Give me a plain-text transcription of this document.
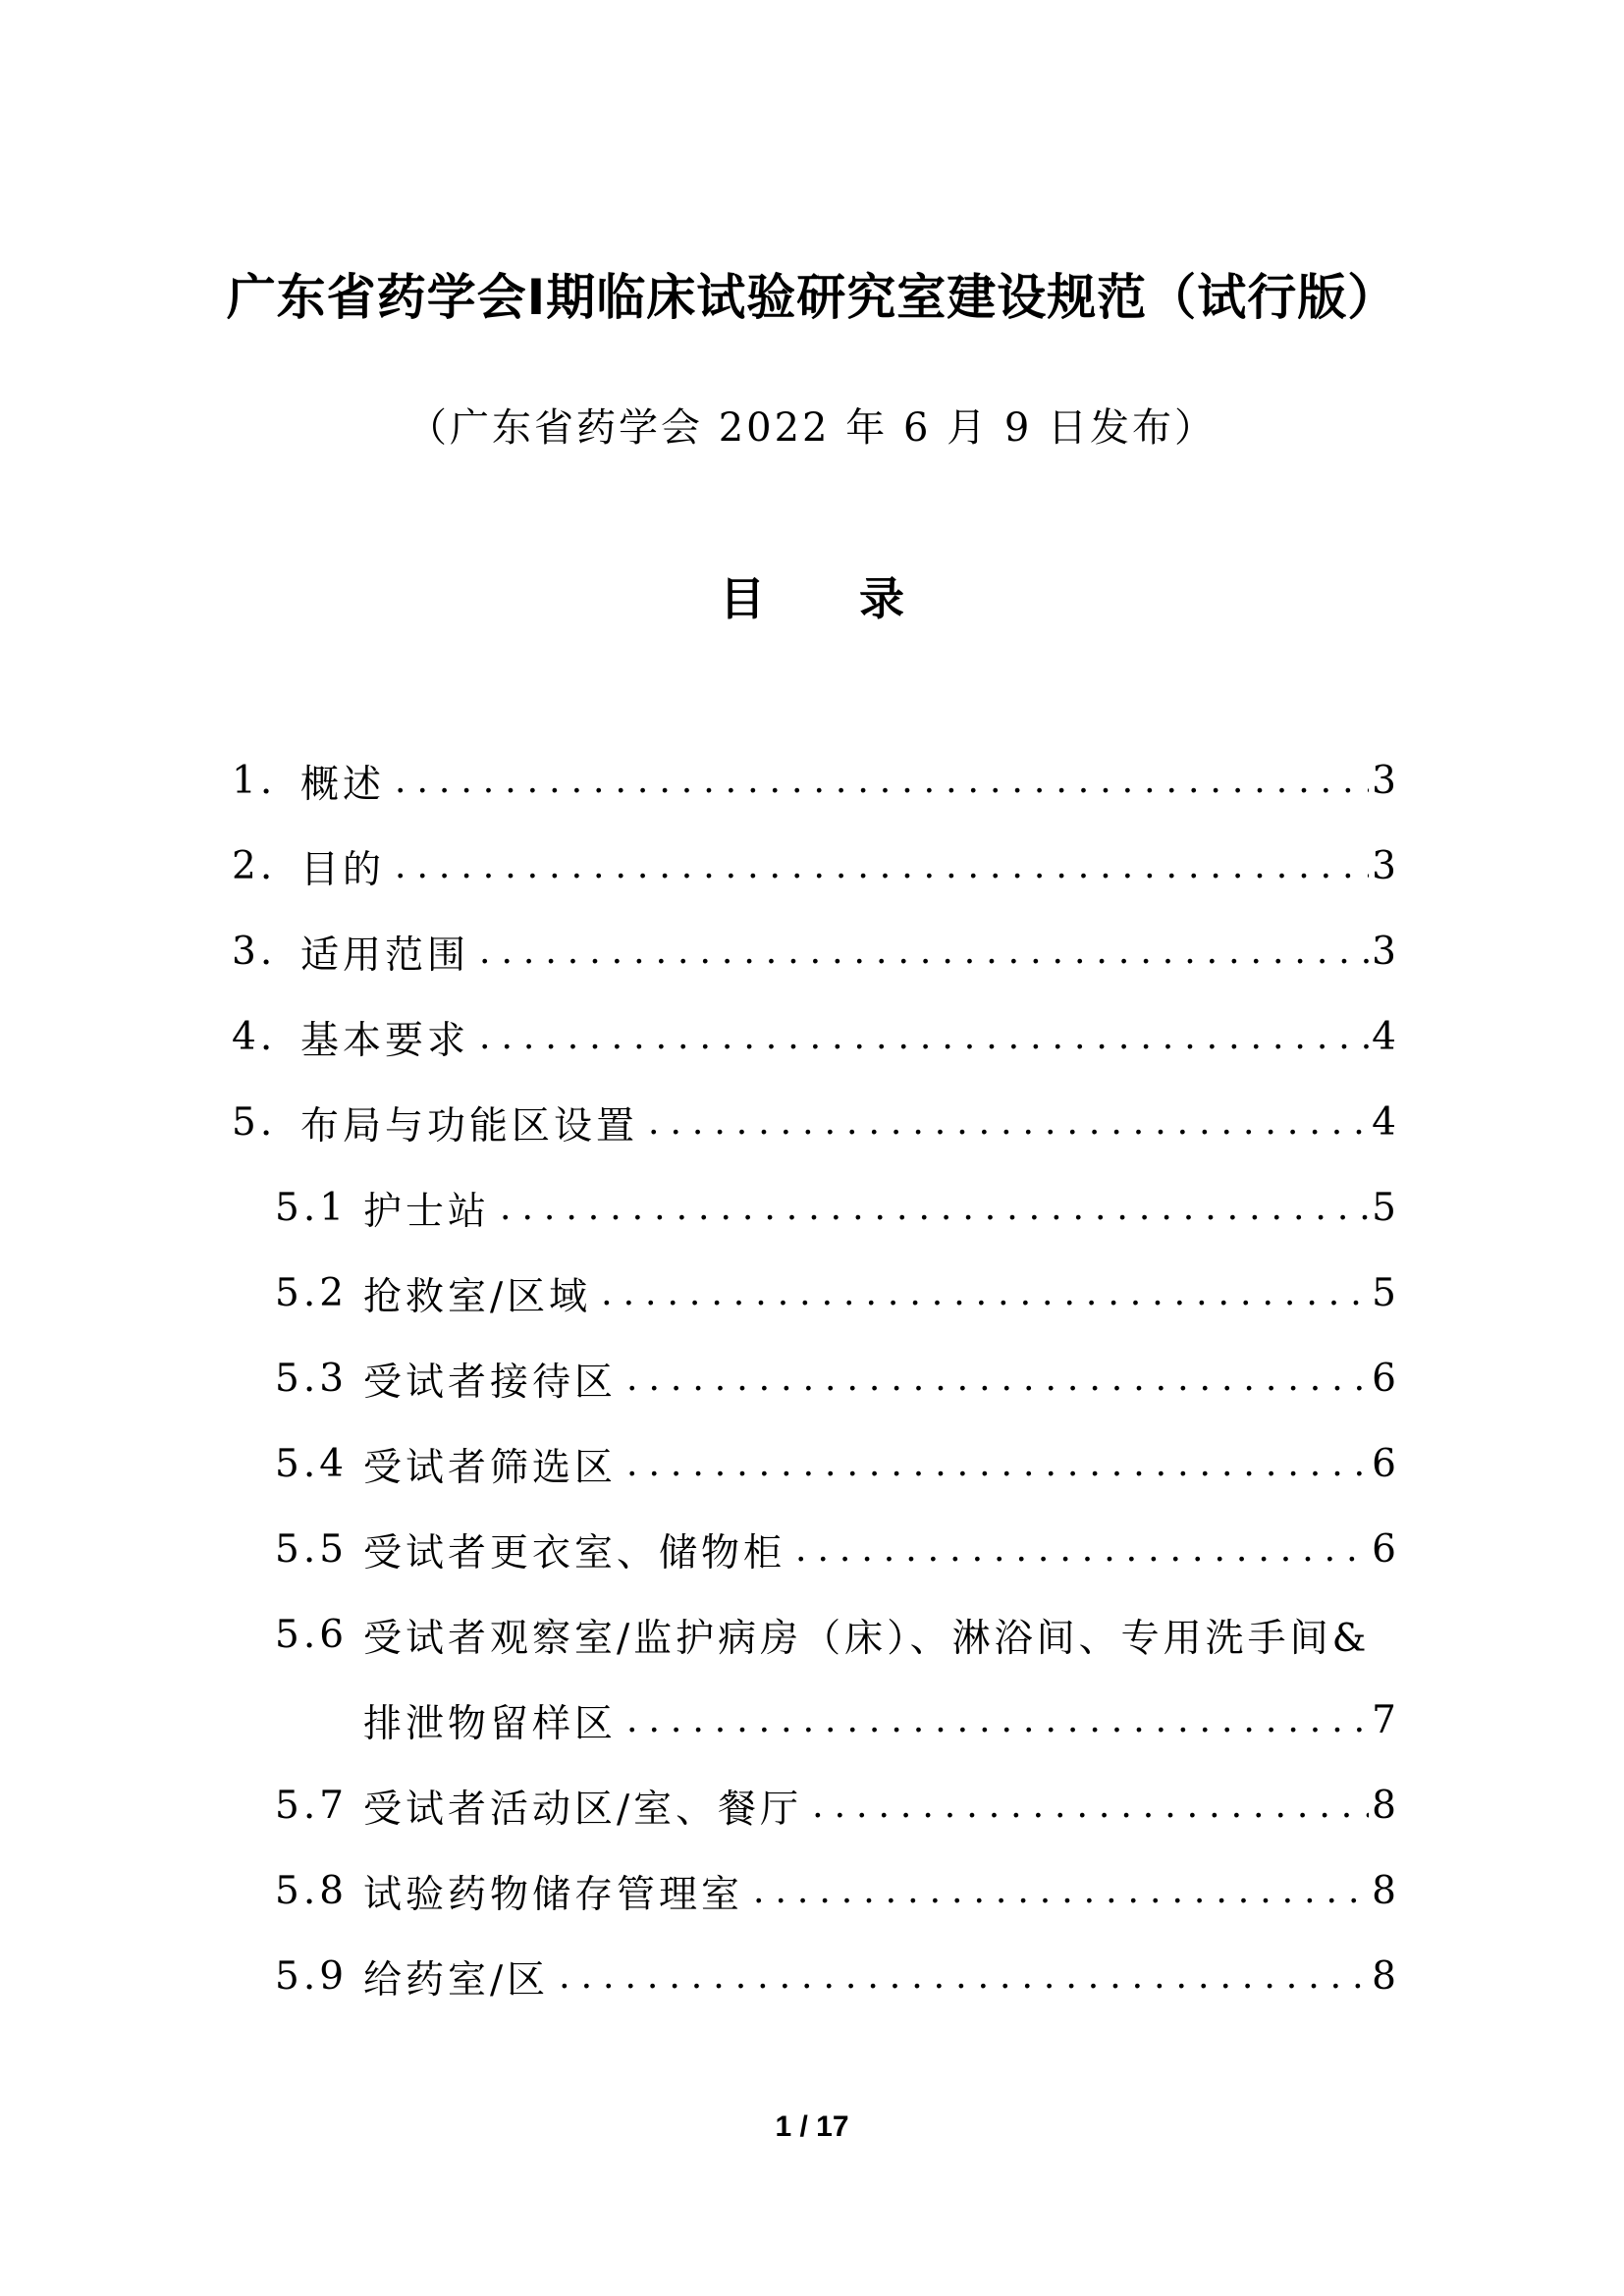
广东省药学会Ⅰ期临床试验研究室建设规范（试行版）

（广东省药学会 2022 年 6 月 9 日发布）

目 录
1. 概述 .....	3
2. 目的 .....	3
3. 适用范围 .....	3
4. 基本要求 .....	4
5. 布局与功能区设置 .....	4
5.1 护士站 .....	5
5.2 抢救室/区域 .....	5
5.3 受试者接待区 .....	6
5.4 受试者筛选区 .....	6
5.5 受试者更衣室、储物柜 .....	6
5.6 受试者观察室/监护病房（床）、淋浴间、专用洗手间&
排泄物留样区 .....	7
5.7 受试者活动区/室、餐厅 .....	8
5.8 试验药物储存管理室 .....	8
5.9 给药室/区 .....	8
1 / 17
